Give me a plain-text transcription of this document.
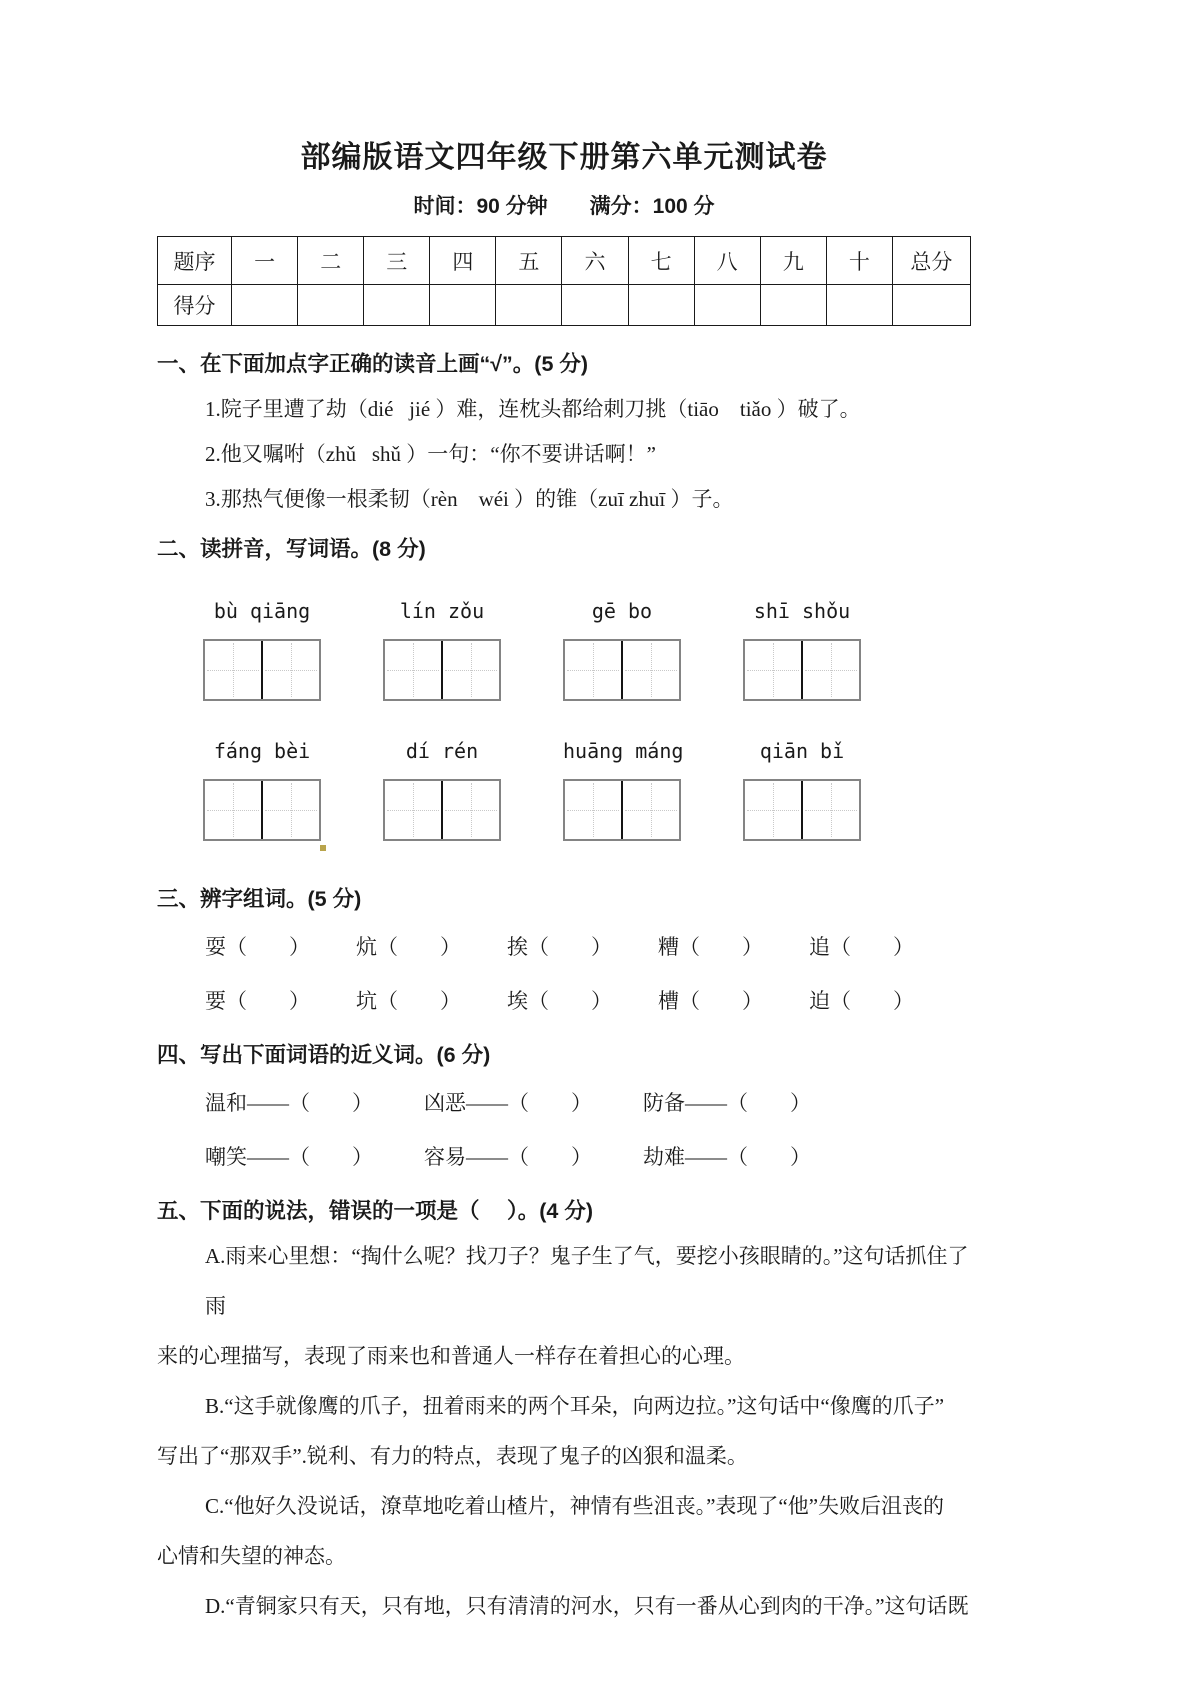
部编版语文四年级下册第六单元测试卷
时间：90 分钟　　满分：100 分
题序	一	二	三	四	五	六	七	八	九	十	总分
得分											
一、在下面加点字正确的读音上画“√”。(5 分)
1.院子里遭了劫（dié   jié ）难，连枕头都给刺刀挑（tiāo    tiǎo ）破了。
2.他又嘱咐（zhǔ   shǔ ）一句：“你不要讲话啊！”
3.那热气便像一根柔韧（rèn    wéi ）的锥（zuī zhuī ）子。
二、读拼音，写词语。(8 分)
bù qiāng	lín zǒu	gē bo	shī shǒu
fáng bèi	dí rén	huāng máng	qiān bǐ
三、辨字组词。(5 分)
耍（　　）	炕（　　）	挨（　　）	糟（　　）	追（　　）
要（　　）	坑（　　）	埃（　　）	槽（　　）	迫（　　）
四、写出下面词语的近义词。(6 分)
温和——（　　）	凶恶——（　　）	防备——（　　）
嘲笑——（　　）	容易——（　　）	劫难——（　　）
五、下面的说法，错误的一项是（　 ）。(4 分)
A.雨来心里想：“掏什么呢？找刀子？鬼子生了气，要挖小孩眼睛的。”这句话抓住了雨
来的心理描写，表现了雨来也和普通人一样存在着担心的心理。
B.“这手就像鹰的爪子，扭着雨来的两个耳朵，向两边拉。”这句话中“像鹰的爪子”
写出了“那双手”.锐利、有力的特点，表现了鬼子的凶狠和温柔。
C.“他好久没说话，潦草地吃着山楂片，神情有些沮丧。”表现了“他”失败后沮丧的
心情和失望的神态。
D.“青铜家只有天，只有地，只有清清的河水，只有一番从心到肉的干净。”这句话既
